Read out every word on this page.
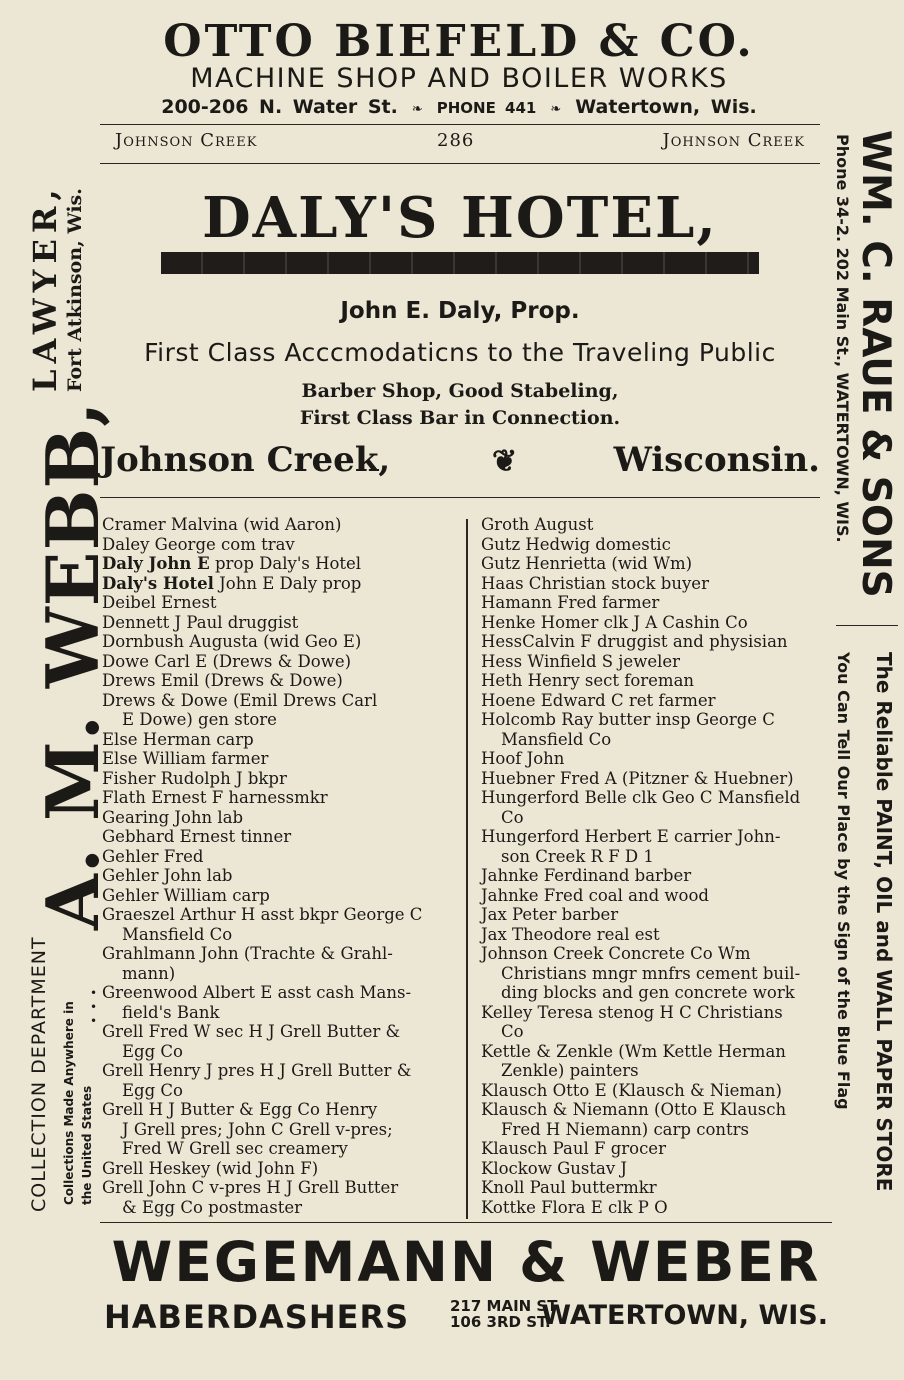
OTTO BIEFELD & CO.
MACHINE SHOP AND BOILER WORKS
200-206 N. Water St. ❧ PHONE 441 ❧ Watertown, Wis.
Johnson Creek	286	Johnson Creek
DALY'S HOTEL,
John E. Daly, Prop.
First Class Acccmodaticns to the Traveling Public
Barber Shop, Good Stabeling,
First Class Bar in Connection.
Johnson Creek,	❦	Wisconsin.
Cramer Malvina (wid Aaron)
Daley George com trav
Daly John E prop Daly's Hotel
Daly's Hotel John E Daly prop
Deibel Ernest
Dennett J Paul druggist
Dornbush Augusta (wid Geo E)
Dowe Carl E (Drews & Dowe)
Drews Emil (Drews & Dowe)
Drews & Dowe (Emil Drews Carl
E Dowe) gen store
Else Herman carp
Else William farmer
Fisher Rudolph J bkpr
Flath Ernest F harnessmkr
Gearing John lab
Gebhard Ernest tinner
Gehler Fred
Gehler John lab
Gehler William carp
Graeszel Arthur H asst bkpr George C
Mansfield Co
Grahlmann John (Trachte & Grahl-
mann)
Greenwood Albert E asst cash Mans-
field's Bank
Grell Fred W sec H J Grell Butter &
Egg Co
Grell Henry J pres H J Grell Butter &
Egg Co
Grell H J Butter & Egg Co Henry
J Grell pres; John C Grell v-pres;
Fred W Grell sec creamery
Grell Heskey (wid John F)
Grell John C v-pres H J Grell Butter
& Egg Co postmaster
Groth August
Gutz Hedwig domestic
Gutz Henrietta (wid Wm)
Haas Christian stock buyer
Hamann Fred farmer
Henke Homer clk J A Cashin Co
HessCalvin F druggist and physisian
Hess Winfield S jeweler
Heth Henry sect foreman
Hoene Edward C ret farmer
Holcomb Ray butter insp George C
Mansfield Co
Hoof John
Huebner Fred A (Pitzner & Huebner)
Hungerford Belle clk Geo C Mansfield
Co
Hungerford Herbert E carrier John-
son Creek R F D 1
Jahnke Ferdinand barber
Jahnke Fred coal and wood
Jax Peter barber
Jax Theodore real est
Johnson Creek Concrete Co Wm
Christians mngr mnfrs cement buil-
ding blocks and gen concrete work
Kelley Teresa stenog H C Christians
Co
Kettle & Zenkle (Wm Kettle Herman
Zenkle) painters
Klausch Otto E (Klausch & Nieman)
Klausch & Niemann (Otto E Klausch
Fred H Niemann) carp contrs
Klausch Paul F grocer
Klockow Gustav J
Knoll Paul buttermkr
Kottke Flora E clk P O
•
•
•
A. M. WEBB,
LAWYER, Fort Atkinson, Wis.
COLLECTION DEPARTMENT Collections Made Anywhere in the United States
WM. C. RAUE & SONS
Phone 34-2. 202 Main St., WATERTOWN, WIS.
The Reliable PAINT, OIL and WALL PAPER STORE
You Can Tell Our Place by the Sign of the Blue Flag
WEGEMANN & WEBER
HABERDASHERS	217 MAIN ST.
106 3RD ST.
WATERTOWN, WIS.
